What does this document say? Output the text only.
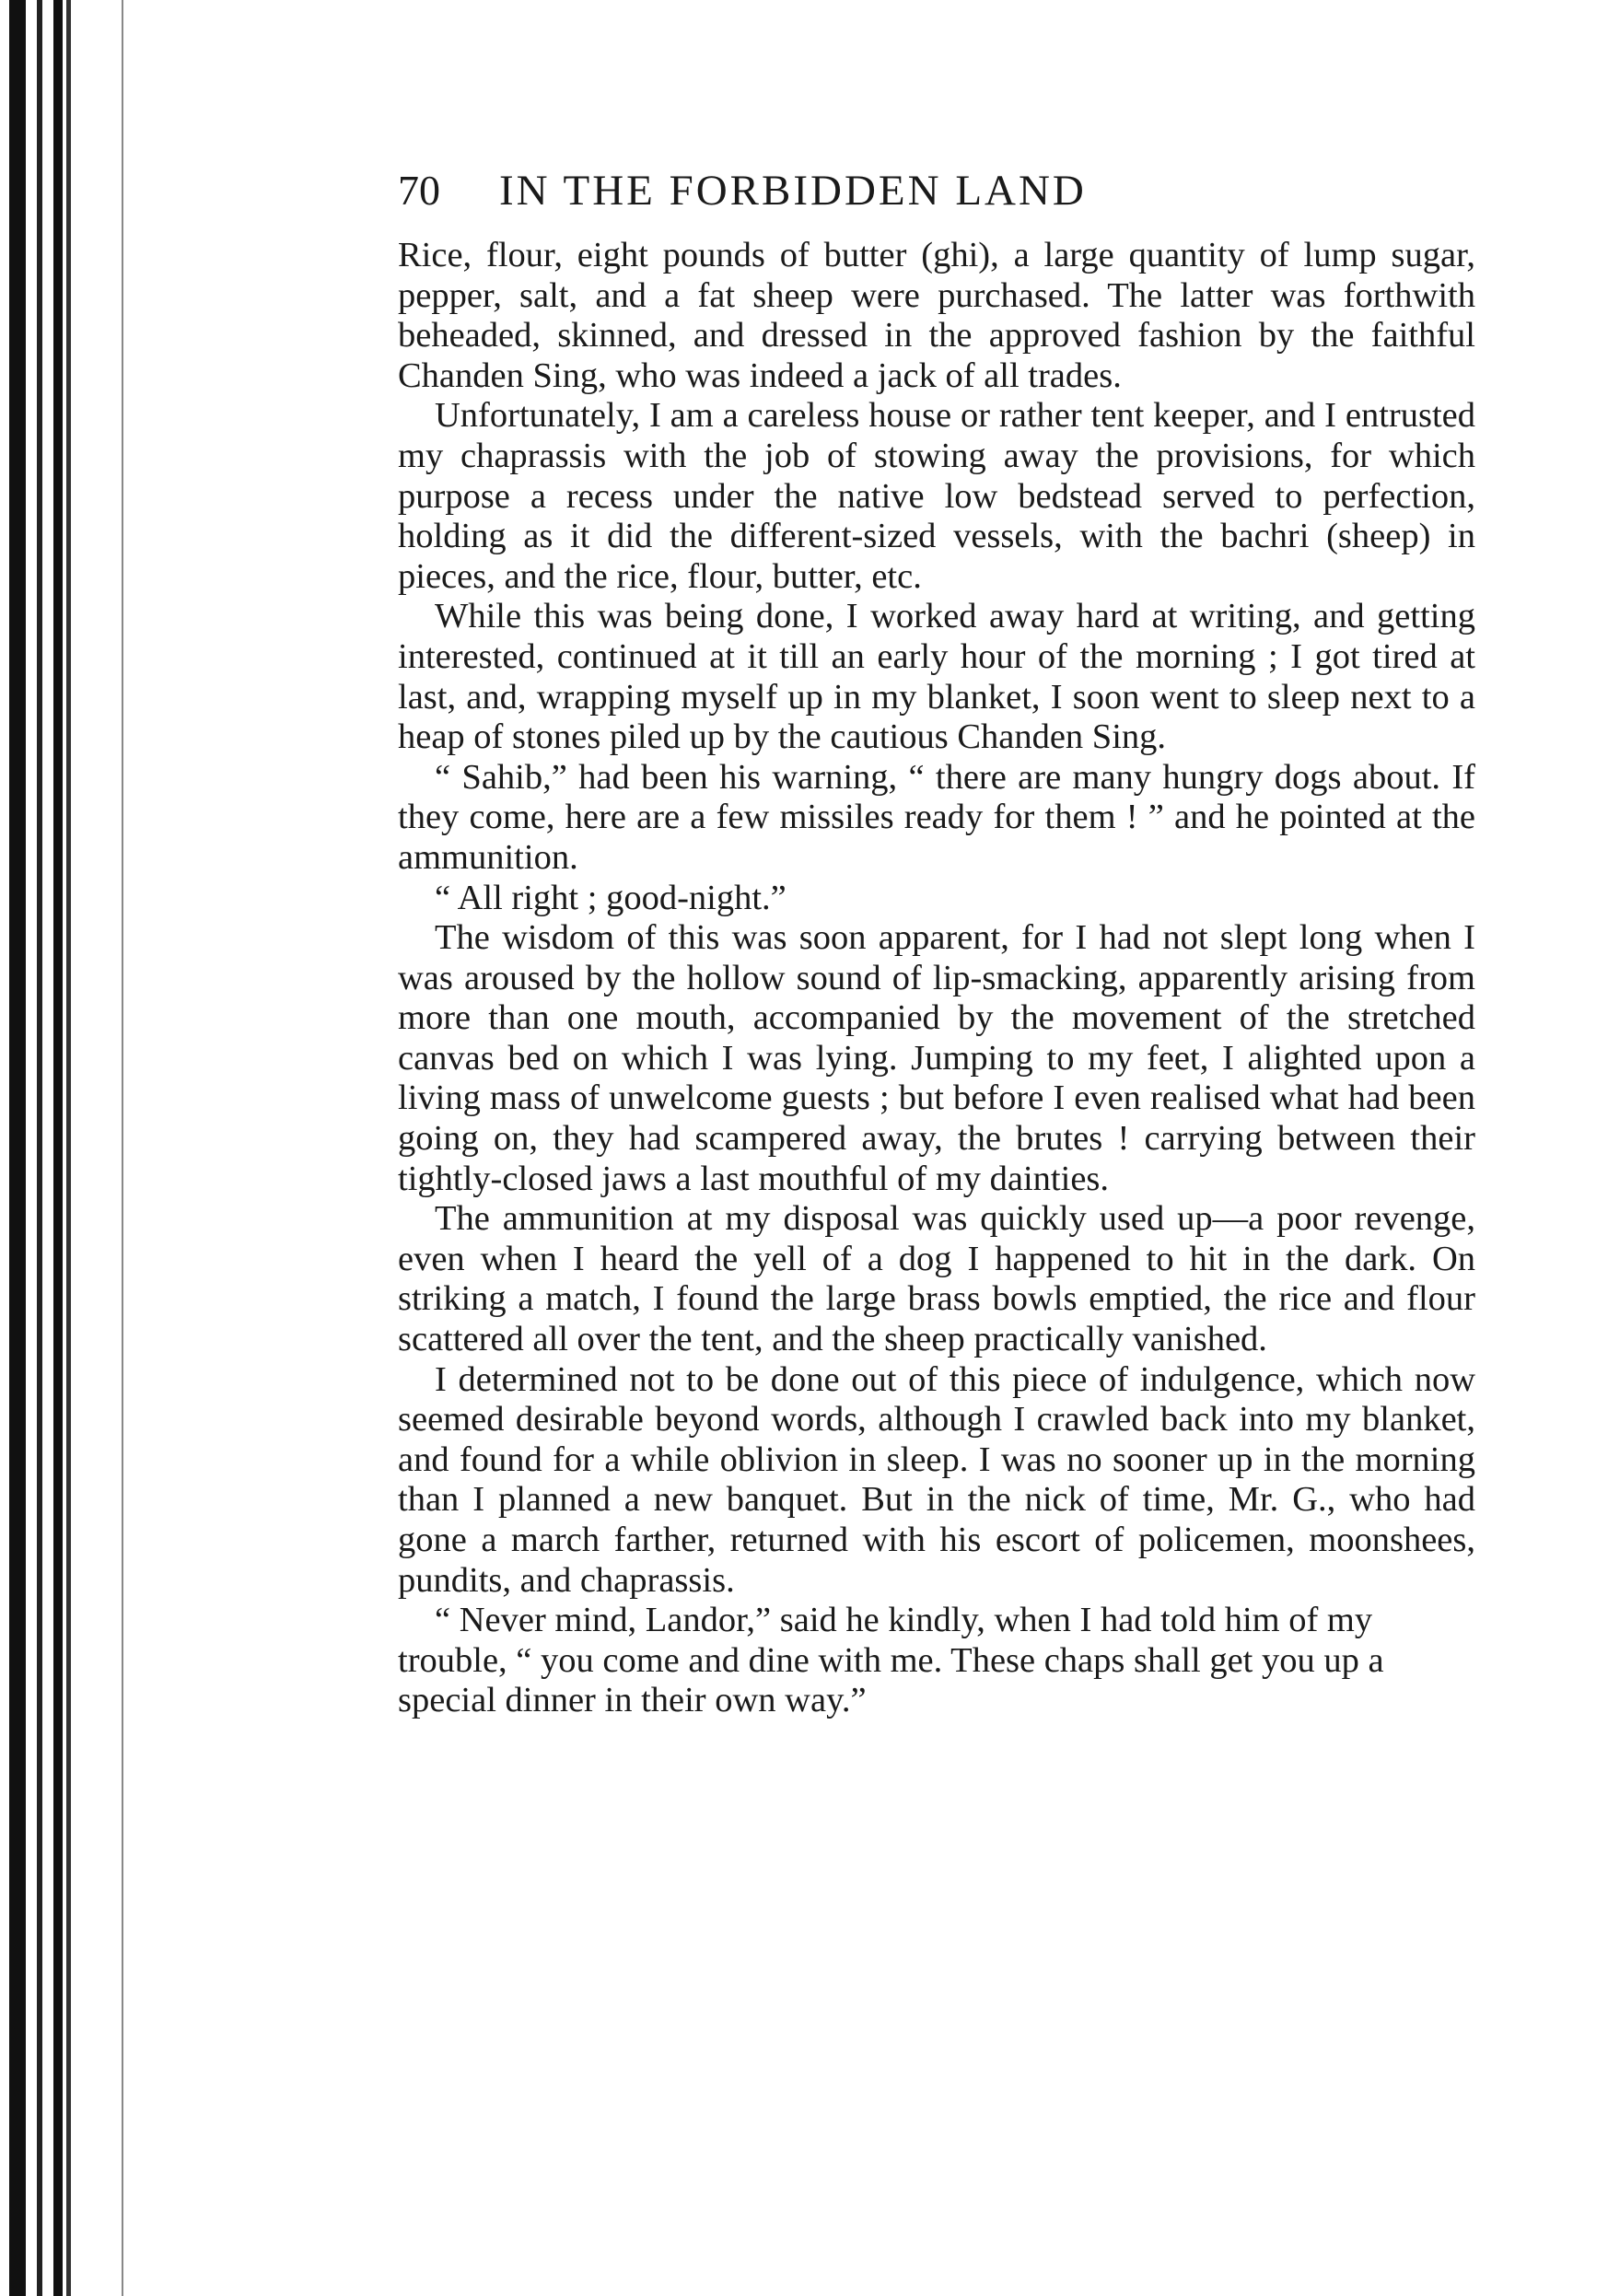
70	IN THE FORBIDDEN LAND

Rice, flour, eight pounds of butter (ghi), a large quantity of lump sugar, pepper, salt, and a fat sheep were purchased. The latter was forthwith beheaded, skinned, and dressed in the approved fashion by the faithful Chanden Sing, who was indeed a jack of all trades.

Unfortunately, I am a careless house or rather tent keeper, and I entrusted my chaprassis with the job of stowing away the provisions, for which purpose a recess under the native low bedstead served to perfection, holding as it did the different-sized vessels, with the bachri (sheep) in pieces, and the rice, flour, butter, etc.

While this was being done, I worked away hard at writing, and getting interested, continued at it till an early hour of the morning ; I got tired at last, and, wrapping myself up in my blanket, I soon went to sleep next to a heap of stones piled up by the cautious Chanden Sing.

“ Sahib,” had been his warning, “ there are many hungry dogs about. If they come, here are a few missiles ready for them ! ” and he pointed at the ammunition.

“ All right ; good-night.”

The wisdom of this was soon apparent, for I had not slept long when I was aroused by the hollow sound of lip-smacking, apparently arising from more than one mouth, accompanied by the movement of the stretched canvas bed on which I was lying. Jumping to my feet, I alighted upon a living mass of unwelcome guests ; but before I even realised what had been going on, they had scampered away, the brutes ! carrying between their tightly-closed jaws a last mouthful of my dainties.

The ammunition at my disposal was quickly used up—a poor revenge, even when I heard the yell of a dog I happened to hit in the dark. On striking a match, I found the large brass bowls emptied, the rice and flour scattered all over the tent, and the sheep practically vanished.

I determined not to be done out of this piece of indulgence, which now seemed desirable beyond words, although I crawled back into my blanket, and found for a while oblivion in sleep. I was no sooner up in the morning than I planned a new banquet. But in the nick of time, Mr. G., who had gone a march farther, returned with his escort of policemen, moonshees, pundits, and chaprassis.

“ Never mind, Landor,” said he kindly, when I had told him of my trouble, “ you come and dine with me. These chaps shall get you up a special dinner in their own way.”
